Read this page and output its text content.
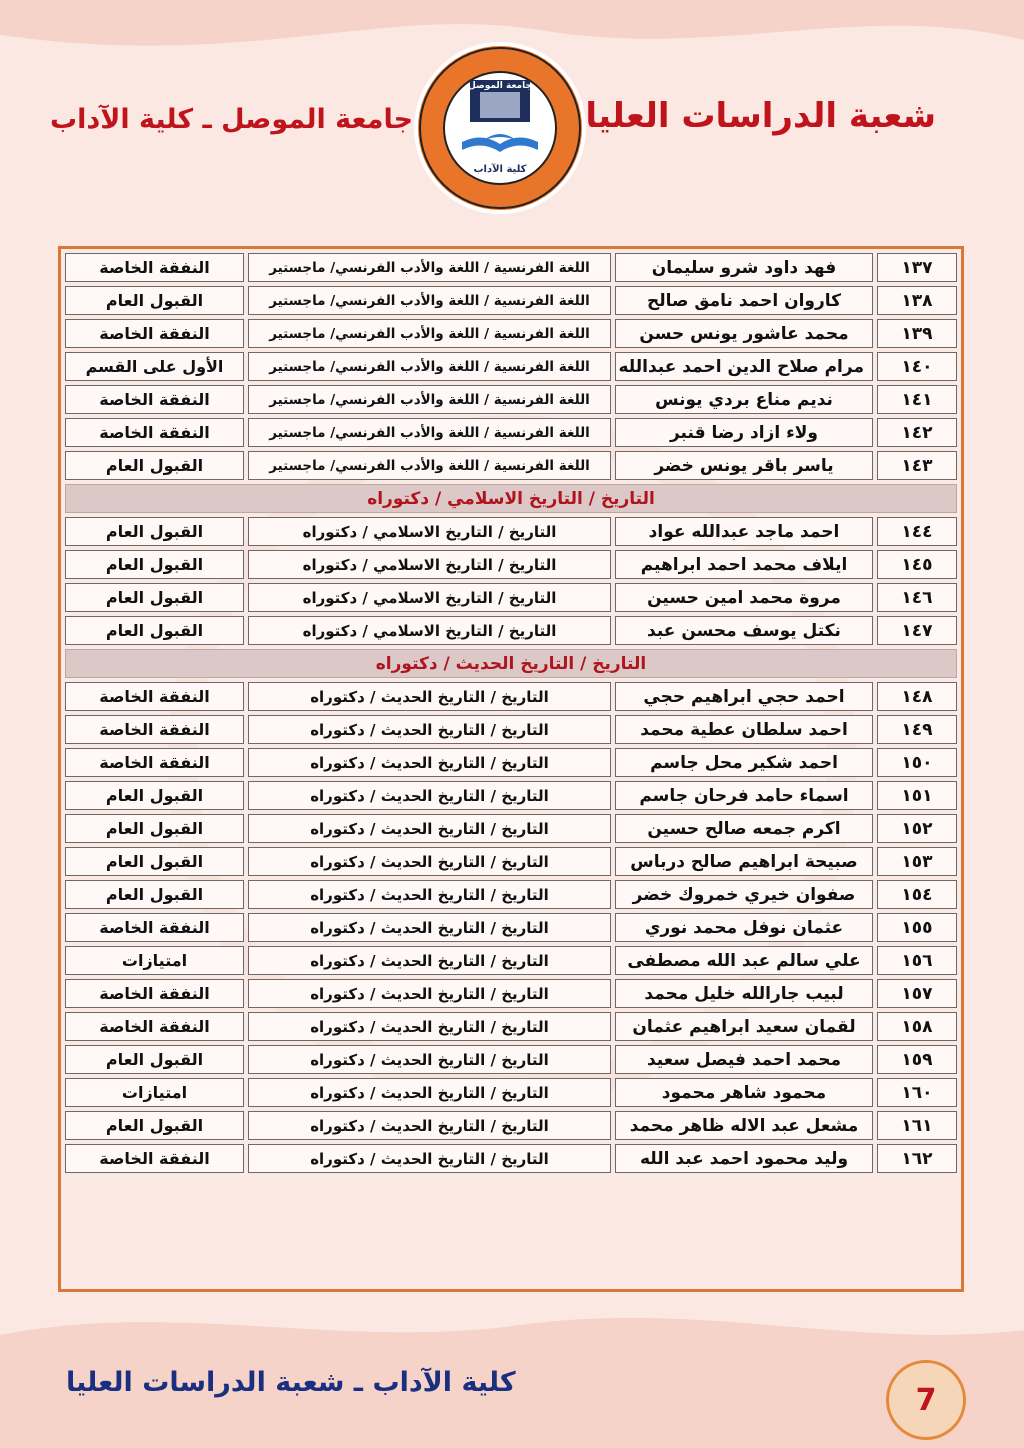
شعبة الدراسات العليا
جامعة الموصل ـ كلية الآداب
جامعة الموصل
كلية الآداب
١٣٧	فهد داود شرو سليمان	اللغة الفرنسية / اللغة والأدب الفرنسي/ ماجستير	النفقة الخاصة
١٣٨	كاروان احمد نامق صالح	اللغة الفرنسية / اللغة والأدب الفرنسي/ ماجستير	القبول العام
١٣٩	محمد عاشور يونس حسن	اللغة الفرنسية / اللغة والأدب الفرنسي/ ماجستير	النفقة الخاصة
١٤٠	مرام صلاح الدين احمد عبدالله	اللغة الفرنسية / اللغة والأدب الفرنسي/ ماجستير	الأول على القسم
١٤١	نديم مناع بردي يونس	اللغة الفرنسية / اللغة والأدب الفرنسي/ ماجستير	النفقة الخاصة
١٤٢	ولاء ازاد رضا قنبر	اللغة الفرنسية / اللغة والأدب الفرنسي/ ماجستير	النفقة الخاصة
١٤٣	ياسر باقر يونس خضر	اللغة الفرنسية / اللغة والأدب الفرنسي/ ماجستير	القبول العام
التاريخ / التاريخ الاسلامي / دكتوراه			
١٤٤	احمد ماجد عبدالله عواد	التاريخ / التاريخ الاسلامي / دكتوراه	القبول العام
١٤٥	ايلاف محمد احمد ابراهيم	التاريخ / التاريخ الاسلامي / دكتوراه	القبول العام
١٤٦	مروة محمد امين حسين	التاريخ / التاريخ الاسلامي / دكتوراه	القبول العام
١٤٧	نكتل يوسف محسن عبد	التاريخ / التاريخ الاسلامي / دكتوراه	القبول العام
التاريخ / التاريخ الحديث / دكتوراه			
١٤٨	احمد حجي ابراهيم حجي	التاريخ / التاريخ الحديث / دكتوراه	النفقة الخاصة
١٤٩	احمد سلطان عطية محمد	التاريخ / التاريخ الحديث / دكتوراه	النفقة الخاصة
١٥٠	احمد شكير محل جاسم	التاريخ / التاريخ الحديث / دكتوراه	النفقة الخاصة
١٥١	اسماء حامد فرحان جاسم	التاريخ / التاريخ الحديث / دكتوراه	القبول العام
١٥٢	اكرم جمعه صالح حسين	التاريخ / التاريخ الحديث / دكتوراه	القبول العام
١٥٣	صبيحة ابراهيم صالح درباس	التاريخ / التاريخ الحديث / دكتوراه	القبول العام
١٥٤	صفوان خيري خمروك خضر	التاريخ / التاريخ الحديث / دكتوراه	القبول العام
١٥٥	عثمان نوفل محمد نوري	التاريخ / التاريخ الحديث / دكتوراه	النفقة الخاصة
١٥٦	علي سالم عبد الله مصطفى	التاريخ / التاريخ الحديث / دكتوراه	امتيازات
١٥٧	لبيب جارالله خليل محمد	التاريخ / التاريخ الحديث / دكتوراه	النفقة الخاصة
١٥٨	لقمان سعيد ابراهيم عثمان	التاريخ / التاريخ الحديث / دكتوراه	النفقة الخاصة
١٥٩	محمد احمد فيصل سعيد	التاريخ / التاريخ الحديث / دكتوراه	القبول العام
١٦٠	محمود شاهر محمود	التاريخ / التاريخ الحديث / دكتوراه	امتيازات
١٦١	مشعل عبد الاله ظاهر محمد	التاريخ / التاريخ الحديث / دكتوراه	القبول العام
١٦٢	وليد محمود احمد عبد الله	التاريخ / التاريخ الحديث / دكتوراه	النفقة الخاصة
كلية الآداب ـ شعبة الدراسات العليا	7
